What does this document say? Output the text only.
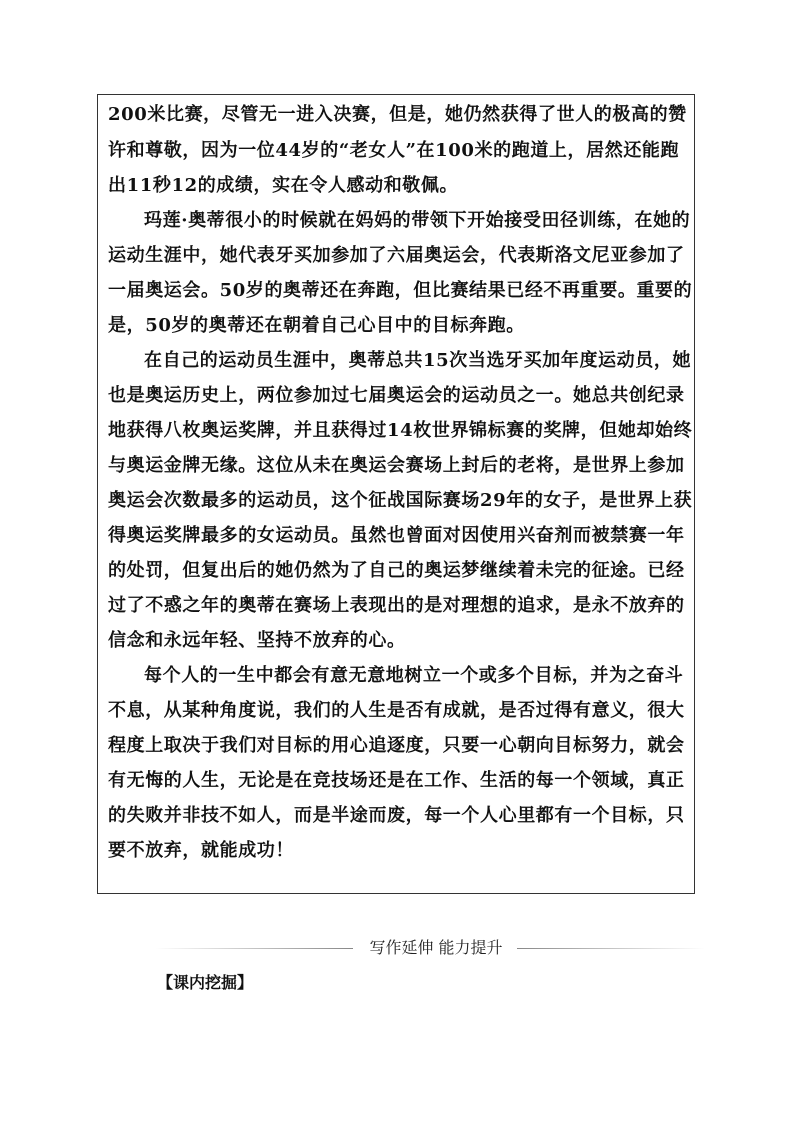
200米比赛，尽管无一进入决赛，但是，她仍然获得了世人的极高的赞
许和尊敬，因为一位44岁的“老女人”在100米的跑道上，居然还能跑
出11秒12的成绩，实在令人感动和敬佩。
玛莲·奥蒂很小的时候就在妈妈的带领下开始接受田径训练，在她的
运动生涯中，她代表牙买加参加了六届奥运会，代表斯洛文尼亚参加了
一届奥运会。50岁的奥蒂还在奔跑，但比赛结果已经不再重要。重要的
是，50岁的奥蒂还在朝着自己心目中的目标奔跑。
在自己的运动员生涯中，奥蒂总共15次当选牙买加年度运动员，她
也是奥运历史上，两位参加过七届奥运会的运动员之一。她总共创纪录
地获得八枚奥运奖牌，并且获得过14枚世界锦标赛的奖牌，但她却始终
与奥运金牌无缘。这位从未在奥运会赛场上封后的老将，是世界上参加
奥运会次数最多的运动员，这个征战国际赛场29年的女子，是世界上获
得奥运奖牌最多的女运动员。虽然也曾面对因使用兴奋剂而被禁赛一年
的处罚，但复出后的她仍然为了自己的奥运梦继续着未完的征途。已经
过了不惑之年的奥蒂在赛场上表现出的是对理想的追求，是永不放弃的
信念和永远年轻、坚持不放弃的心。
每个人的一生中都会有意无意地树立一个或多个目标，并为之奋斗
不息，从某种角度说，我们的人生是否有成就，是否过得有意义，很大
程度上取决于我们对目标的用心追逐度，只要一心朝向目标努力，就会
有无悔的人生，无论是在竞技场还是在工作、生活的每一个领域，真正
的失败并非技不如人，而是半途而废，每一个人心里都有一个目标，只
要不放弃，就能成功！
写作延伸 能力提升
【课内挖掘】
